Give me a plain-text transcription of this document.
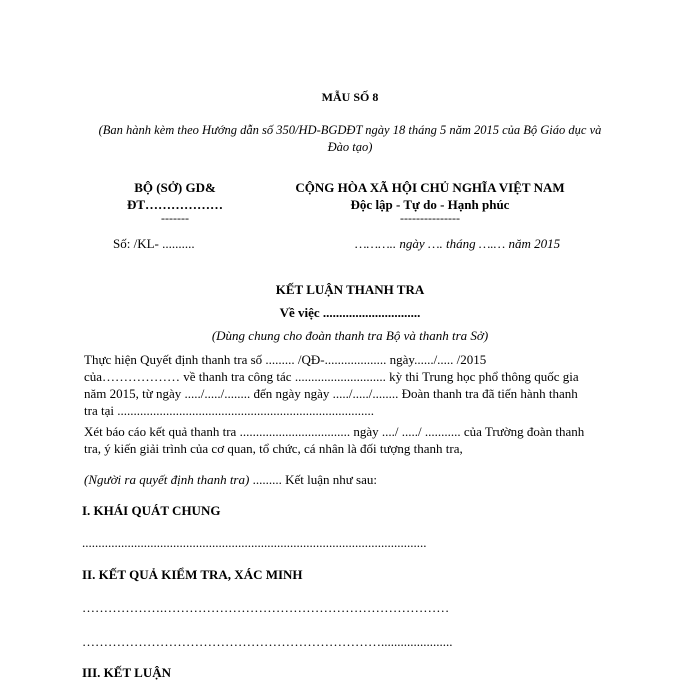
MẪU SỐ 8
(Ban hành kèm theo Hướng dẫn số 350/HD-BGDĐT ngày 18 tháng 5 năm 2015 của Bộ Giáo dục và Đào tạo)
BỘ (SỞ) GD&
ĐT………………
-------
CỘNG HÒA XÃ HỘI CHỦ NGHĨA VIỆT NAM
Độc lập - Tự do - Hạnh phúc
---------------
Số: /KL- ..........	……….. ngày …. tháng ….… năm 2015
KẾT LUẬN THANH TRA
Về việc ..............................
(Dùng chung cho đoàn thanh tra Bộ và thanh tra Sở)
Thực hiện Quyết định thanh tra số ......... /QĐ-................... ngày....../..... /2015
của……………… về thanh tra công tác ............................ kỳ thi Trung học phổ thông quốc gia
năm 2015, từ ngày ...../...../........ đến ngày ngày ...../...../........ Đoàn thanh tra đã tiến hành thanh
tra tại ...............................................................................
Xét báo cáo kết quả thanh tra .................................. ngày ..../ ...../ ........... của Trường đoàn thanh
tra, ý kiến giải trình của cơ quan, tổ chức, cá nhân là đối tượng thanh tra,
(Người ra quyết định thanh tra) ......... Kết luận như sau:
I. KHÁI QUÁT CHUNG
..........................................................................................................
II. KẾT QUẢ KIỂM TRA, XÁC MINH
……………….…………………………………………………………
……………………………………………………………......................
III. KẾT LUẬN
